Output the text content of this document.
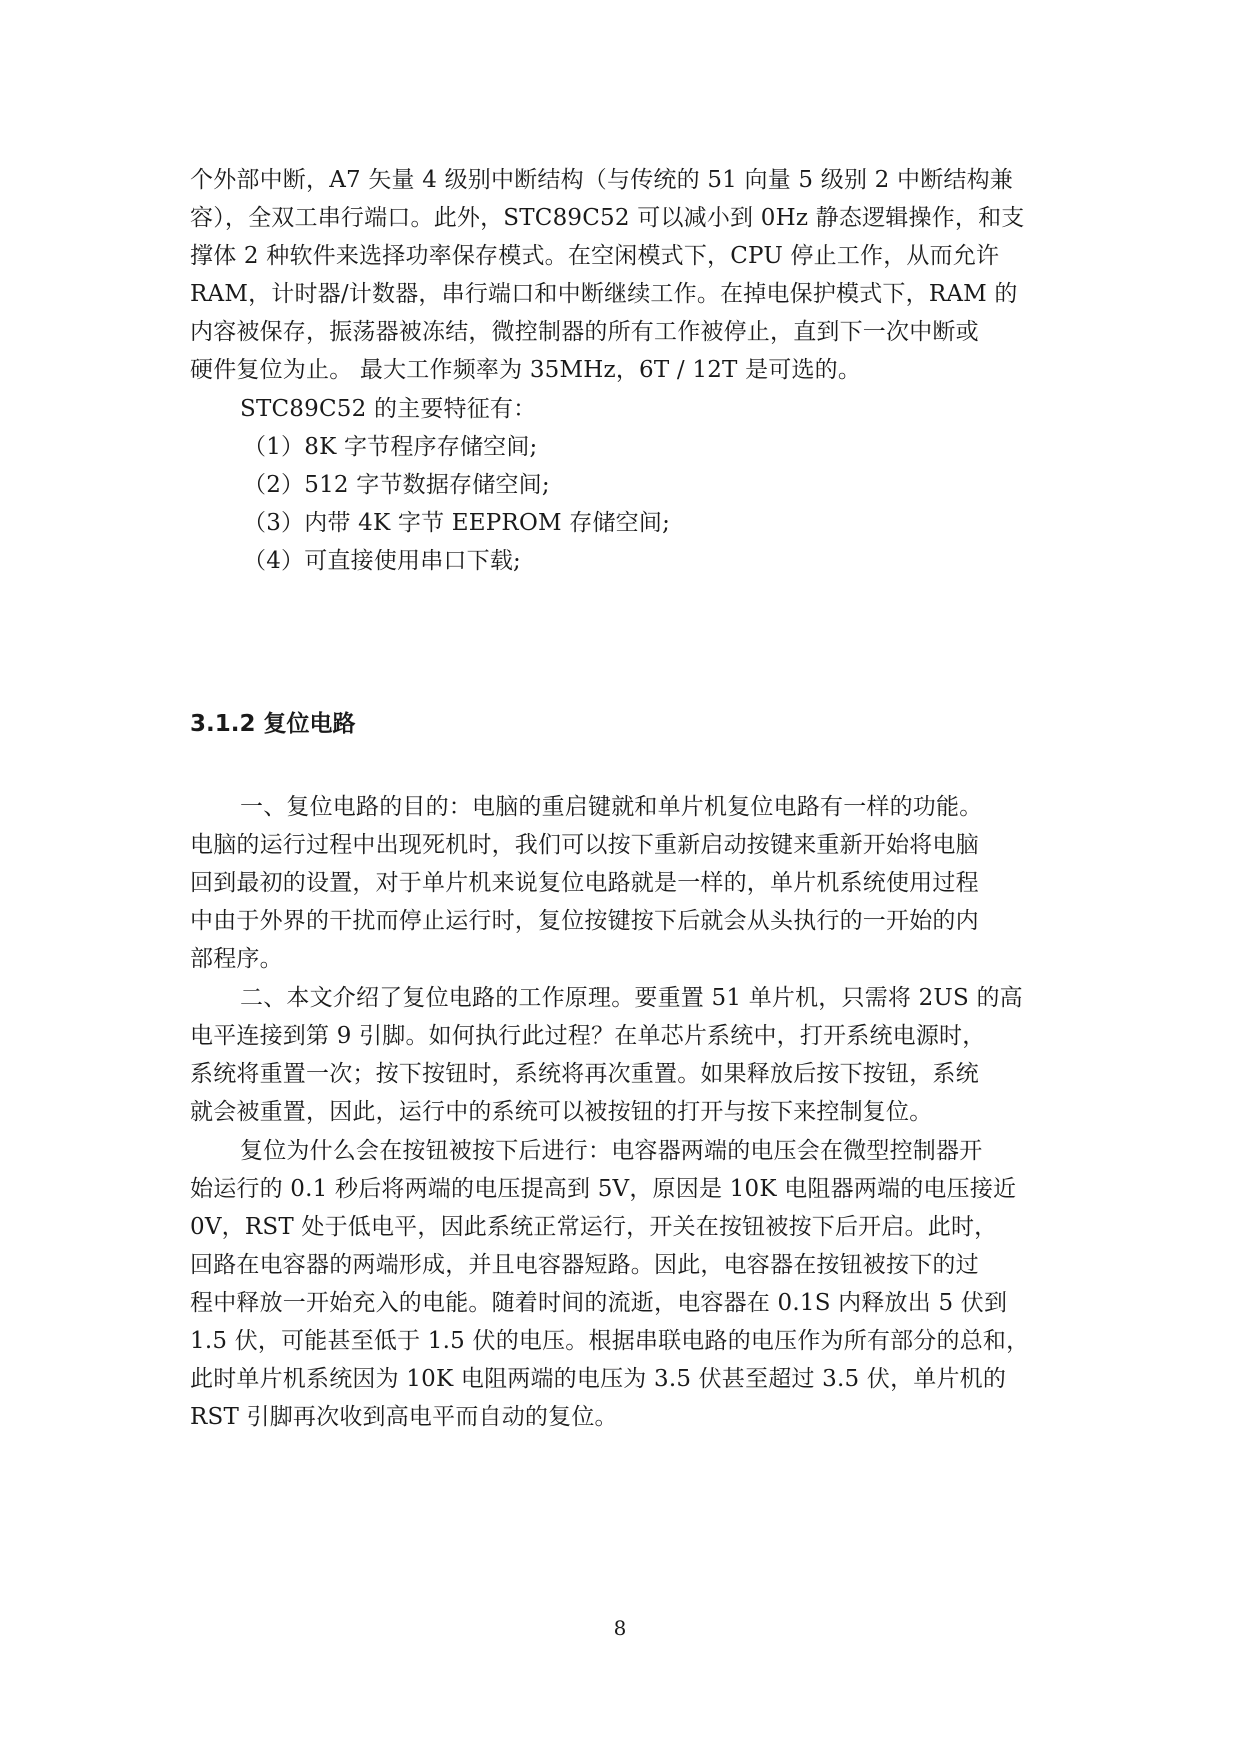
个外部中断，A7 矢量 4 级别中断结构（与传统的 51 向量 5 级别 2 中断结构兼
容），全双工串行端口。此外，STC89C52 可以减小到 0Hz 静态逻辑操作，和支
撑体 2 种软件来选择功率保存模式。在空闲模式下，CPU 停止工作，从而允许
RAM，计时器/计数器，串行端口和中断继续工作。在掉电保护模式下，RAM 的
内容被保存，振荡器被冻结，微控制器的所有工作被停止，直到下一次中断或
硬件复位为止。 最大工作频率为 35MHz，6T / 12T 是可选的。
STC89C52 的主要特征有：
（1）8K 字节程序存储空间;
（2）512 字节数据存储空间;
（3）内带 4K 字节 EEPROM 存储空间;
（4）可直接使用串口下载;
3.1.2 复位电路
一、复位电路的目的：电脑的重启键就和单片机复位电路有一样的功能。
电脑的运行过程中出现死机时，我们可以按下重新启动按键来重新开始将电脑
回到最初的设置，对于单片机来说复位电路就是一样的，单片机系统使用过程
中由于外界的干扰而停止运行时，复位按键按下后就会从头执行的一开始的内
部程序。
二、本文介绍了复位电路的工作原理。要重置 51 单片机，只需将 2US 的高
电平连接到第 9 引脚。如何执行此过程？在单芯片系统中，打开系统电源时，
系统将重置一次；按下按钮时，系统将再次重置。如果释放后按下按钮，系统
就会被重置，因此，运行中的系统可以被按钮的打开与按下来控制复位。
复位为什么会在按钮被按下后进行：电容器两端的电压会在微型控制器开
始运行的 0.1 秒后将两端的电压提高到 5V，原因是 10K 电阻器两端的电压接近
0V，RST 处于低电平，因此系统正常运行，开关在按钮被按下后开启。此时，
回路在电容器的两端形成，并且电容器短路。因此，电容器在按钮被按下的过
程中释放一开始充入的电能。随着时间的流逝，电容器在 0.1S 内释放出 5 伏到
1.5 伏，可能甚至低于 1.5 伏的电压。根据串联电路的电压作为所有部分的总和，
此时单片机系统因为 10K 电阻两端的电压为 3.5 伏甚至超过 3.5 伏，单片机的
RST 引脚再次收到高电平而自动的复位。
8
